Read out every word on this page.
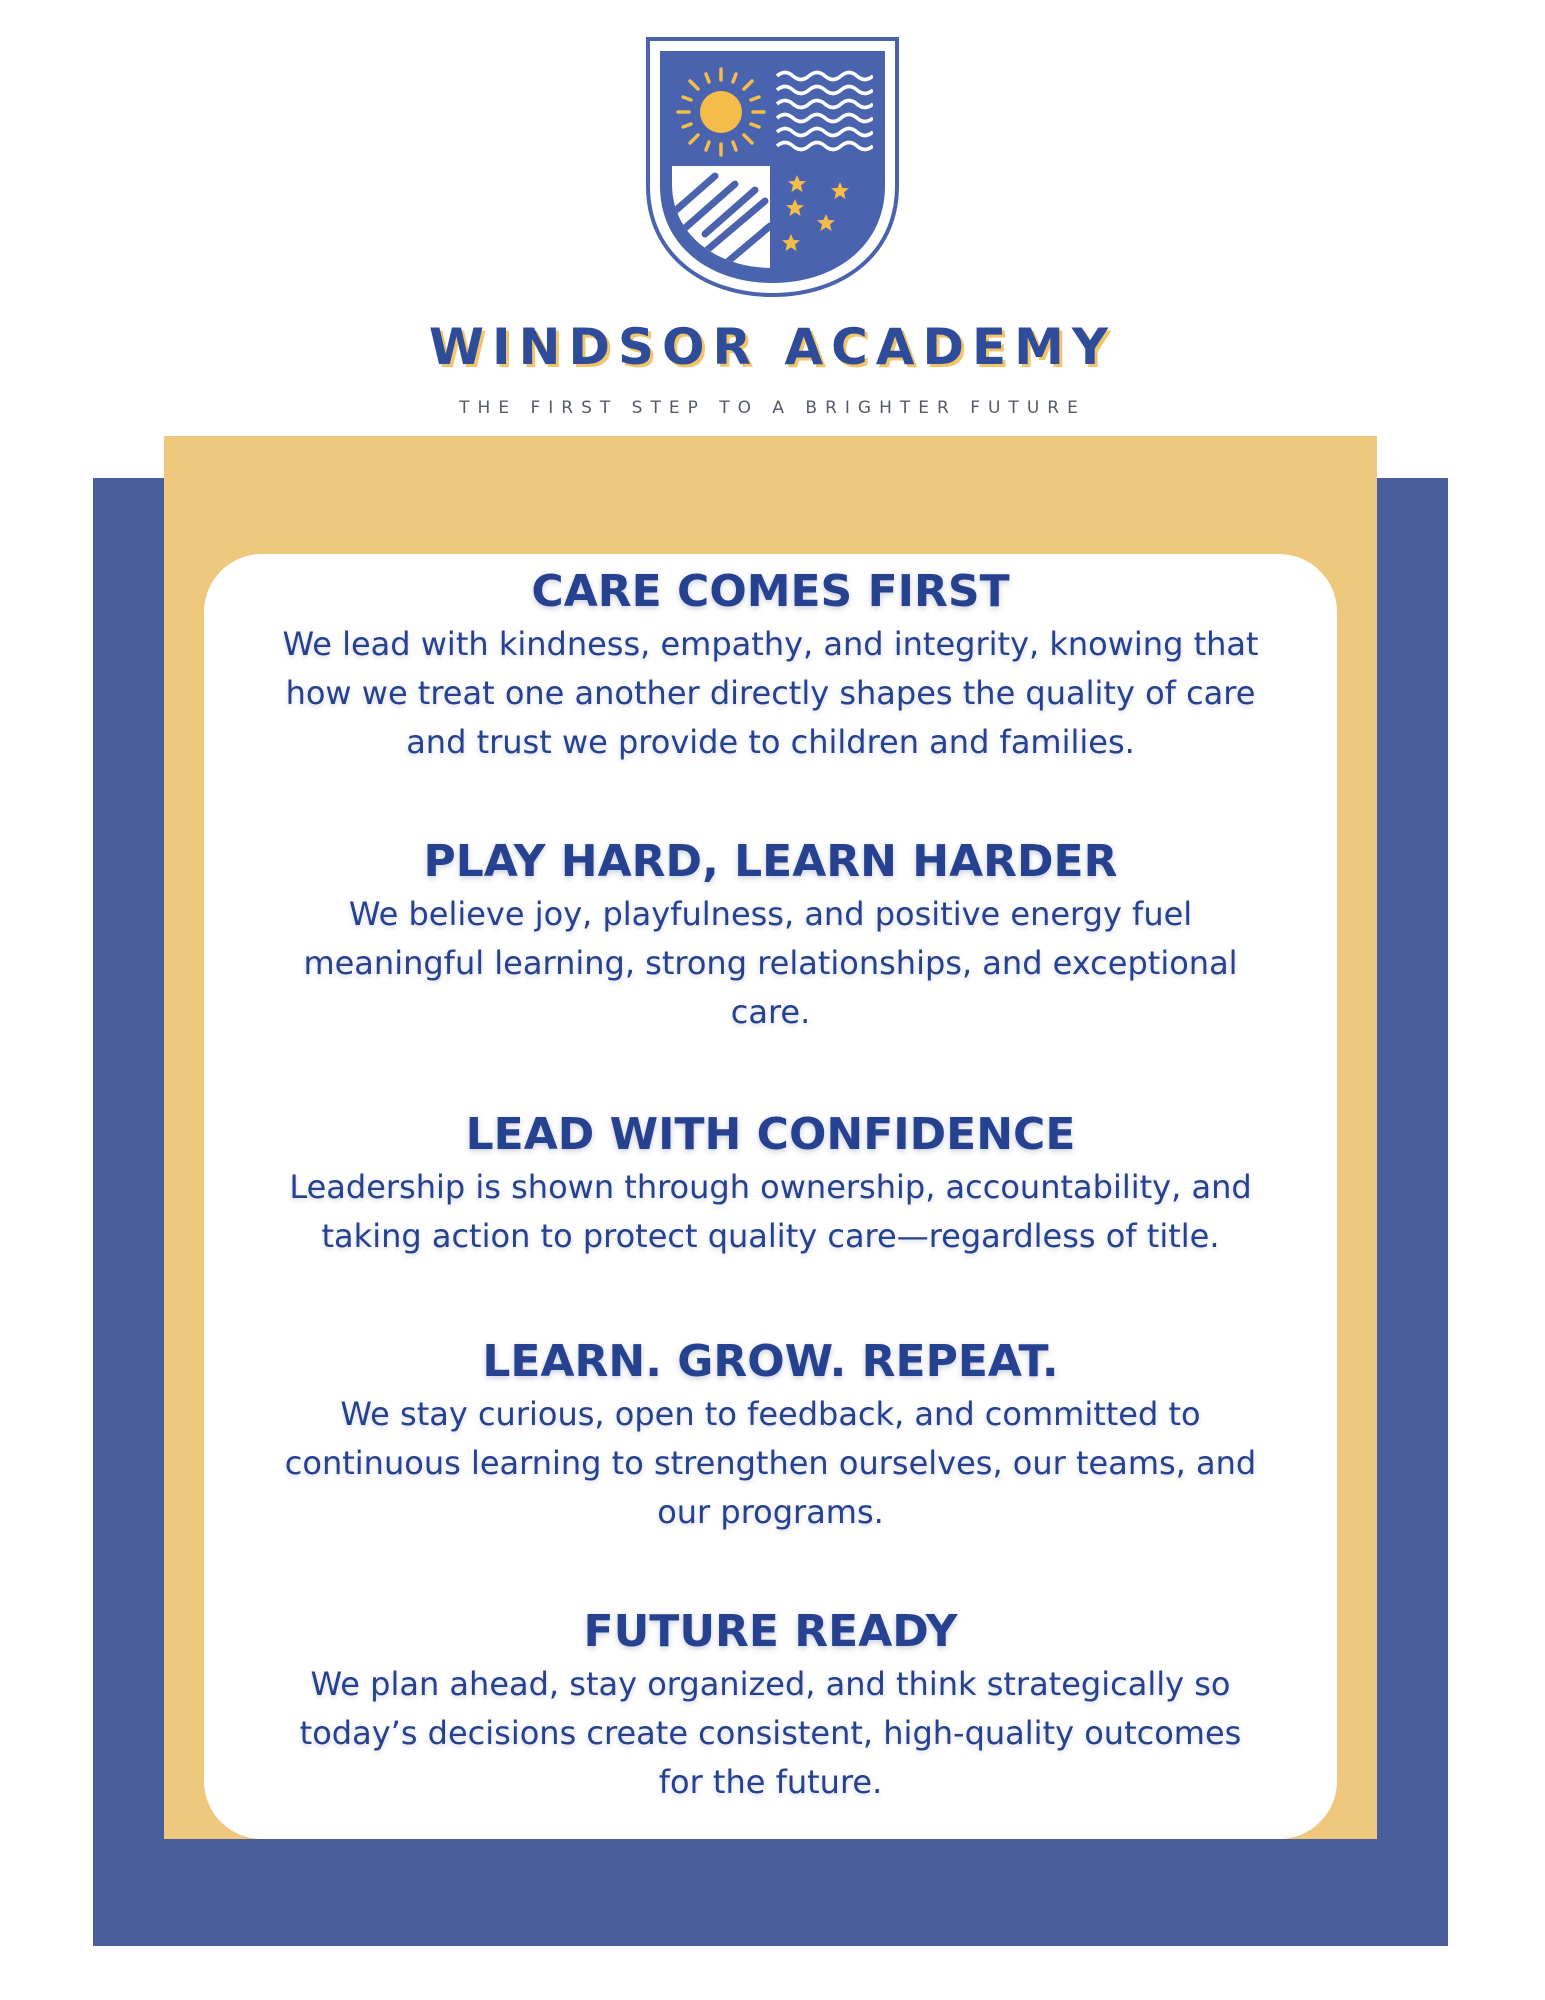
WINDSOR ACADEMY
THE FIRST STEP TO A BRIGHTER FUTURE
CARE COMES FIRST

We lead with kindness, empathy, and integrity, knowing that
how we treat one another directly shapes the quality of care
and trust we provide to children and families.

PLAY HARD, LEARN HARDER

We believe joy, playfulness, and positive energy fuel
meaningful learning, strong relationships, and exceptional
care.

LEAD WITH CONFIDENCE

Leadership is shown through ownership, accountability, and
taking action to protect quality care—regardless of title.

LEARN. GROW. REPEAT.

We stay curious, open to feedback, and committed to
continuous learning to strengthen ourselves, our teams, and
our programs.

FUTURE READY

We plan ahead, stay organized, and think strategically so
today’s decisions create consistent, high-quality outcomes
for the future.
